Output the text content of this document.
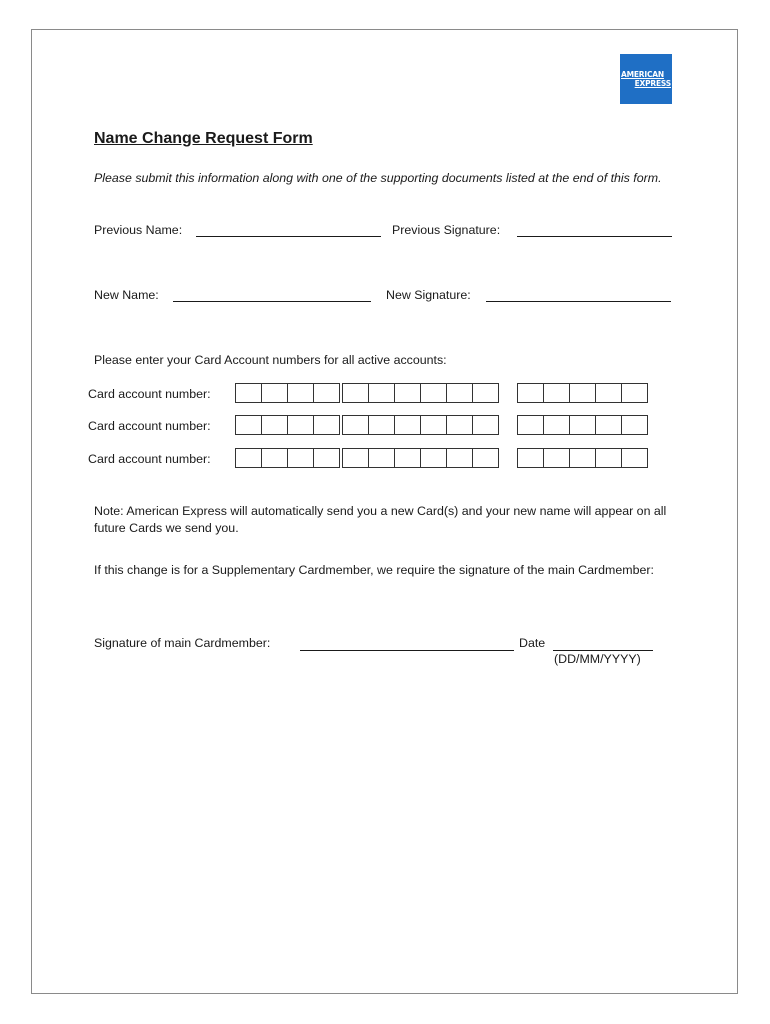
AMERICAN
EXPRESS
Name Change Request Form
Please submit this information along with one of the supporting documents listed at the end of this form.
Previous Name:	Previous Signature:
New Name:	New Signature:
Please enter your Card Account numbers for all active accounts:
Card account number:
Card account number:
Card account number:
Note: American Express will automatically send you a new Card(s) and your new name will appear on all future Cards we send you.
If this change is for a Supplementary Cardmember, we require the signature of the main Cardmember:
Signature of main Cardmember:	Date
(DD/MM/YYYY)
